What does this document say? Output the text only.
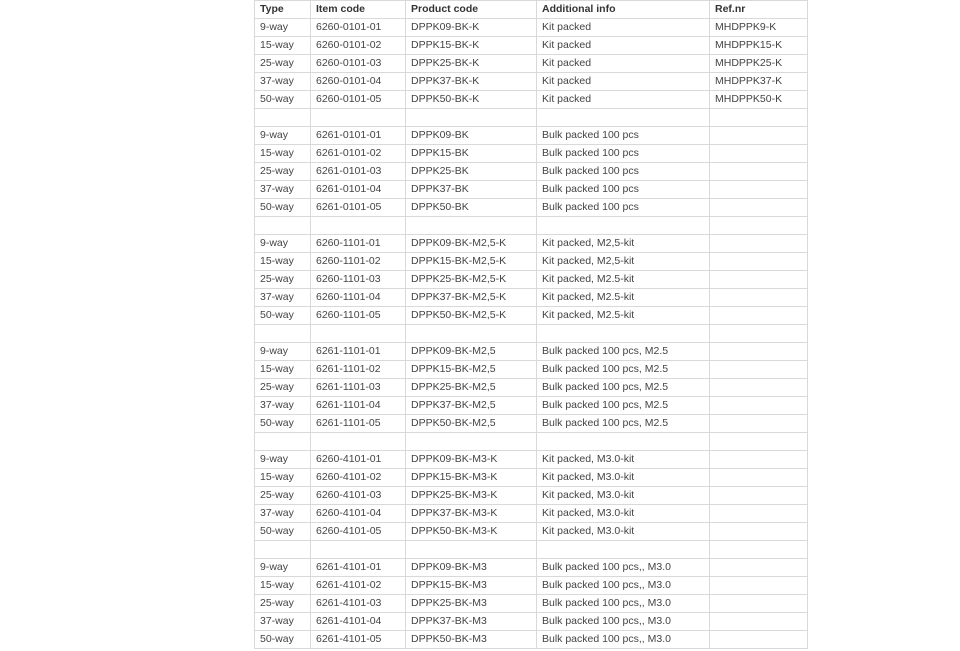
Type	Item code	Product code	Additional info	Ref.nr
9-way	6260-0101-01	DPPK09-BK-K	Kit packed	MHDPPK9-K
15-way	6260-0101-02	DPPK15-BK-K	Kit packed	MHDPPK15-K
25-way	6260-0101-03	DPPK25-BK-K	Kit packed	MHDPPK25-K
37-way	6260-0101-04	DPPK37-BK-K	Kit packed	MHDPPK37-K
50-way	6260-0101-05	DPPK50-BK-K	Kit packed	MHDPPK50-K

9-way	6261-0101-01	DPPK09-BK	Bulk packed 100 pcs	
15-way	6261-0101-02	DPPK15-BK	Bulk packed 100 pcs	
25-way	6261-0101-03	DPPK25-BK	Bulk packed 100 pcs	
37-way	6261-0101-04	DPPK37-BK	Bulk packed 100 pcs	
50-way	6261-0101-05	DPPK50-BK	Bulk packed 100 pcs	

9-way	6260-1101-01	DPPK09-BK-M2,5-K	Kit packed, M2,5-kit	
15-way	6260-1101-02	DPPK15-BK-M2,5-K	Kit packed, M2,5-kit	
25-way	6260-1101-03	DPPK25-BK-M2,5-K	Kit packed, M2.5-kit	
37-way	6260-1101-04	DPPK37-BK-M2,5-K	Kit packed, M2.5-kit	
50-way	6260-1101-05	DPPK50-BK-M2,5-K	Kit packed, M2.5-kit	

9-way	6261-1101-01	DPPK09-BK-M2,5	Bulk packed 100 pcs, M2.5	
15-way	6261-1101-02	DPPK15-BK-M2,5	Bulk packed 100 pcs, M2.5	
25-way	6261-1101-03	DPPK25-BK-M2,5	Bulk packed 100 pcs, M2.5	
37-way	6261-1101-04	DPPK37-BK-M2,5	Bulk packed 100 pcs, M2.5	
50-way	6261-1101-05	DPPK50-BK-M2,5	Bulk packed 100 pcs, M2.5	

9-way	6260-4101-01	DPPK09-BK-M3-K	Kit packed, M3.0-kit	
15-way	6260-4101-02	DPPK15-BK-M3-K	Kit packed, M3.0-kit	
25-way	6260-4101-03	DPPK25-BK-M3-K	Kit packed, M3.0-kit	
37-way	6260-4101-04	DPPK37-BK-M3-K	Kit packed, M3.0-kit	
50-way	6260-4101-05	DPPK50-BK-M3-K	Kit packed, M3.0-kit	

9-way	6261-4101-01	DPPK09-BK-M3	Bulk packed 100 pcs,, M3.0	
15-way	6261-4101-02	DPPK15-BK-M3	Bulk packed 100 pcs,, M3.0	
25-way	6261-4101-03	DPPK25-BK-M3	Bulk packed 100 pcs,, M3.0	
37-way	6261-4101-04	DPPK37-BK-M3	Bulk packed 100 pcs,, M3.0	
50-way	6261-4101-05	DPPK50-BK-M3	Bulk packed 100 pcs,, M3.0	
